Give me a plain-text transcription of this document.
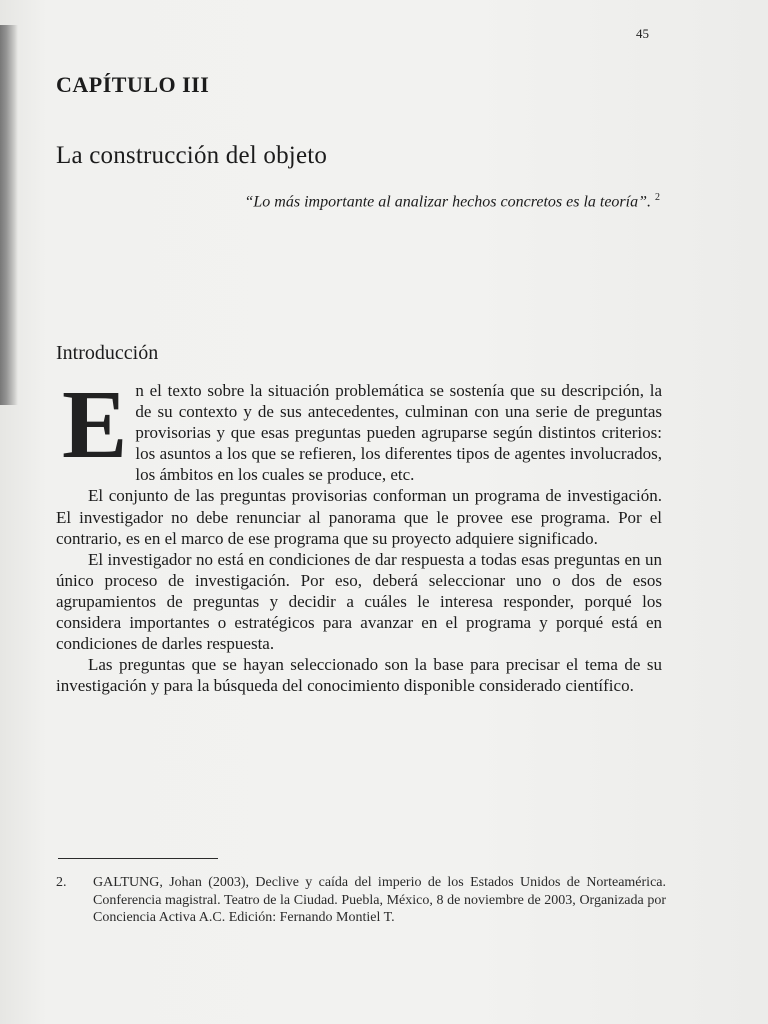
45
CAPÍTULO III
La construcción del objeto
“Lo más importante al analizar hechos concretos es la teoría”. $^2$
Introducción

En el texto sobre la situación problemática se sostenía que su descripción, la de su contexto y de sus antecedentes, culminan con una serie de preguntas provisorias y que esas preguntas pueden agruparse según distintos criterios: los asuntos a los que se refieren, los diferentes tipos de agentes involucrados, los ámbitos en los cuales se produce, etc.

El conjunto de las preguntas provisorias conforman un programa de investigación. El investigador no debe renunciar al panorama que le provee ese programa. Por el contrario, es en el marco de ese programa que su proyecto adquiere significado.

El investigador no está en condiciones de dar respuesta a todas esas preguntas en un único proceso de investigación. Por eso, deberá seleccionar uno o dos de esos agrupamientos de preguntas y decidir a cuáles le interesa responder, porqué los considera importantes o estratégicos para avanzar en el programa y porqué está en condiciones de darles respuesta.

Las preguntas que se hayan seleccionado son la base para precisar el tema de su investigación y para la búsqueda del conocimiento disponible considerado científico.

2. GALTUNG, Johan (2003), Declive y caída del imperio de los Estados Unidos de Norteamérica. Conferencia magistral. Teatro de la Ciudad. Puebla, México, 8 de noviembre de 2003, Organizada por Conciencia Activa A.C. Edición: Fernando Montiel T.
